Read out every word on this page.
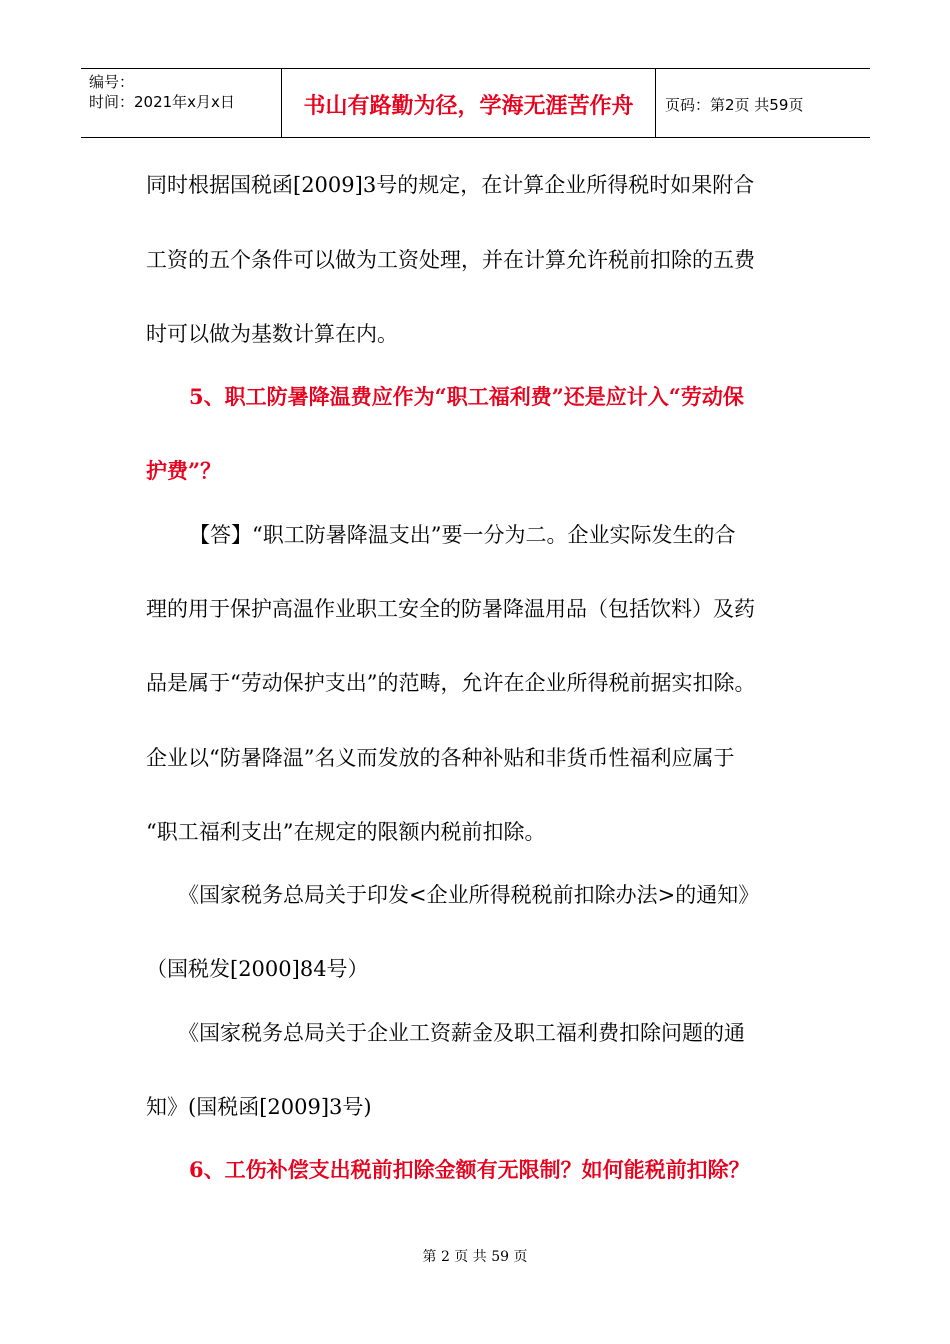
编号：
时间：2021年x月x日	书山有路勤为径，学海无涯苦作舟	页码：第2页 共59页
同时根据国税函[2009]3号的规定，在计算企业所得税时如果附合
工资的五个条件可以做为工资处理，并在计算允许税前扣除的五费
时可以做为基数计算在内。
5、职工防暑降温费应作为“职工福利费”还是应计入“劳动保
护费”？
【答】“职工防暑降温支出”要一分为二。企业实际发生的合
理的用于保护高温作业职工安全的防暑降温用品（包括饮料）及药
品是属于“劳动保护支出”的范畴，允许在企业所得税前据实扣除。
企业以“防暑降温”名义而发放的各种补贴和非货币性福利应属于
“职工福利支出”在规定的限额内税前扣除。
《国家税务总局关于印发<企业所得税税前扣除办法>的通知》
（国税发[2000]84号）
《国家税务总局关于企业工资薪金及职工福利费扣除问题的通
知》(国税函[2009]3号)
6、工伤补偿支出税前扣除金额有无限制？如何能税前扣除？
第 2 页 共 59 页
